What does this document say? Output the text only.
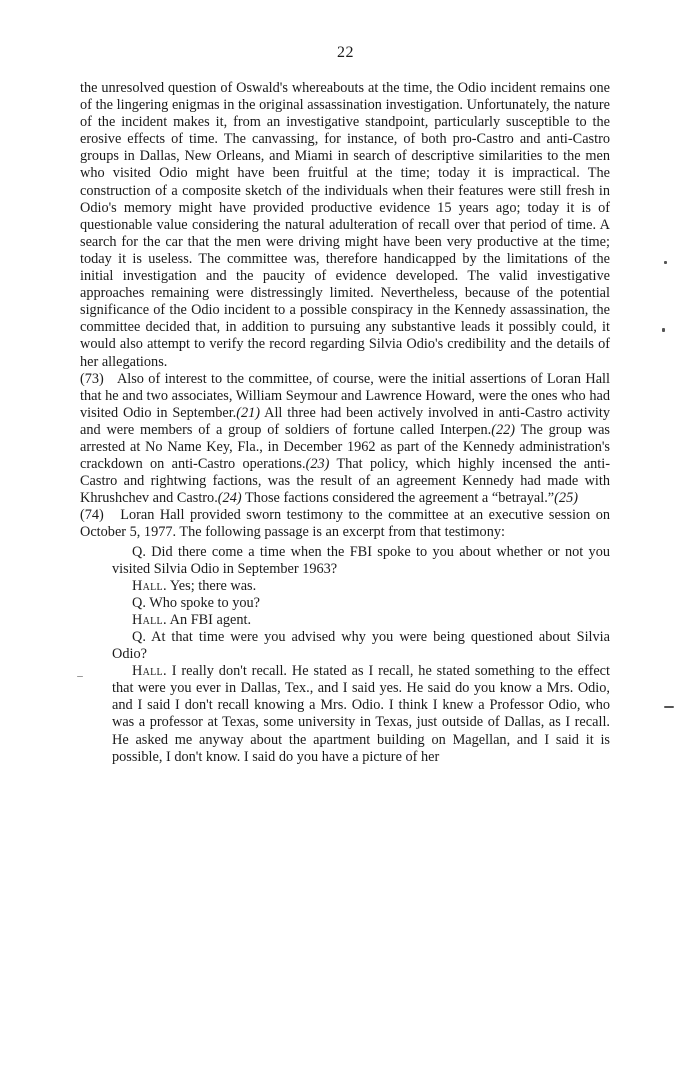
22

the unresolved question of Oswald's whereabouts at the time, the Odio incident remains one of the lingering enigmas in the original assassination investigation. Unfortunately, the nature of the incident makes it, from an investigative standpoint, particularly susceptible to the erosive effects of time. The canvassing, for instance, of both pro-Castro and anti-Castro groups in Dallas, New Orleans, and Miami in search of descriptive similarities to the men who visited Odio might have been fruitful at the time; today it is impractical. The construction of a composite sketch of the individuals when their features were still fresh in Odio's memory might have provided productive evidence 15 years ago; today it is of questionable value considering the natural adulteration of recall over that period of time. A search for the car that the men were driving might have been very productive at the time; today it is useless. The committee was, therefore handicapped by the limitations of the initial investigation and the paucity of evidence developed. The valid investigative approaches remaining were distressingly limited. Nevertheless, because of the potential significance of the Odio incident to a possible conspiracy in the Kennedy assassination, the committee decided that, in addition to pursuing any substantive leads it possibly could, it would also attempt to verify the record regarding Silvia Odio's credibility and the details of her allegations.

(73) Also of interest to the committee, of course, were the initial assertions of Loran Hall that he and two associates, William Seymour and Lawrence Howard, were the ones who had visited Odio in September.(21) All three had been actively involved in anti-Castro activity and were members of a group of soldiers of fortune called Interpen.(22) The group was arrested at No Name Key, Fla., in December 1962 as part of the Kennedy administration's crackdown on anti-Castro operations.(23) That policy, which highly incensed the anti-Castro and rightwing factions, was the result of an agreement Kennedy had made with Khrushchev and Castro.(24) Those factions considered the agreement a “betrayal.”(25)

(74) Loran Hall provided sworn testimony to the committee at an executive session on October 5, 1977. The following passage is an excerpt from that testimony:

Q. Did there come a time when the FBI spoke to you about whether or not you visited Silvia Odio in September 1963?

Hall. Yes; there was.

Q. Who spoke to you?

Hall. An FBI agent.

Q. At that time were you advised why you were being questioned about Silvia Odio?

Hall. I really don't recall. He stated as I recall, he stated something to the effect that were you ever in Dallas, Tex., and I said yes. He said do you know a Mrs. Odio, and I said I don't recall knowing a Mrs. Odio. I think I knew a Professor Odio, who was a professor at Texas, some university in Texas, just outside of Dallas, as I recall. He asked me anyway about the apartment building on Magellan, and I said it is possible, I don't know. I said do you have a picture of her
